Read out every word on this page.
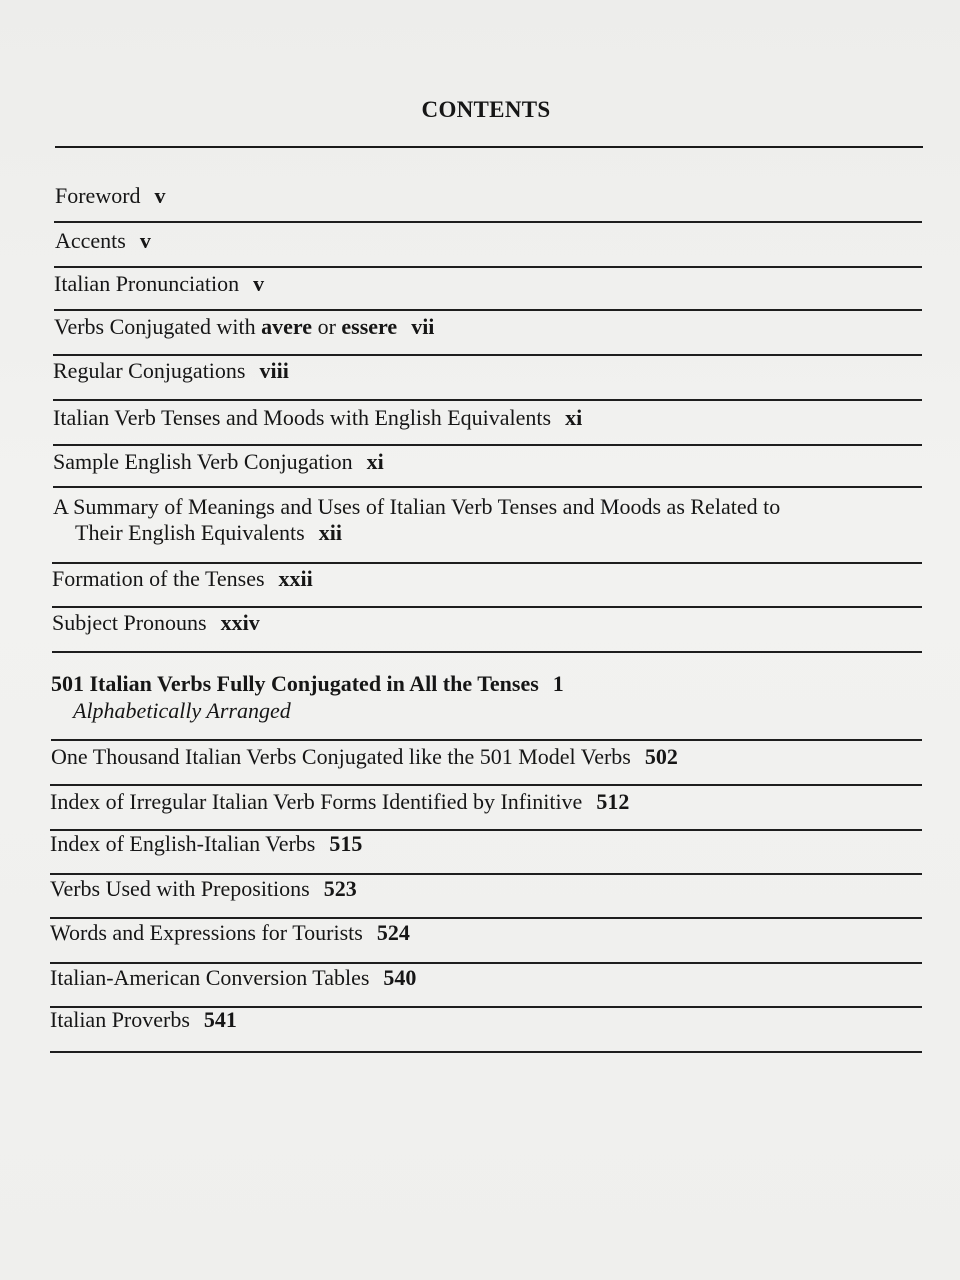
CONTENTS
Foreword v
Accents v
Italian Pronunciation v
Verbs Conjugated with avere or essere vii
Regular Conjugations viii
Italian Verb Tenses and Moods with English Equivalents xi
Sample English Verb Conjugation xi
A Summary of Meanings and Uses of Italian Verb Tenses and Moods as Related to
Their English Equivalents xii
Formation of the Tenses xxii
Subject Pronouns xxiv
501 Italian Verbs Fully Conjugated in All the Tenses 1
Alphabetically Arranged
One Thousand Italian Verbs Conjugated like the 501 Model Verbs 502
Index of Irregular Italian Verb Forms Identified by Infinitive 512
Index of English-Italian Verbs 515
Verbs Used with Prepositions 523
Words and Expressions for Tourists 524
Italian-American Conversion Tables 540
Italian Proverbs 541
